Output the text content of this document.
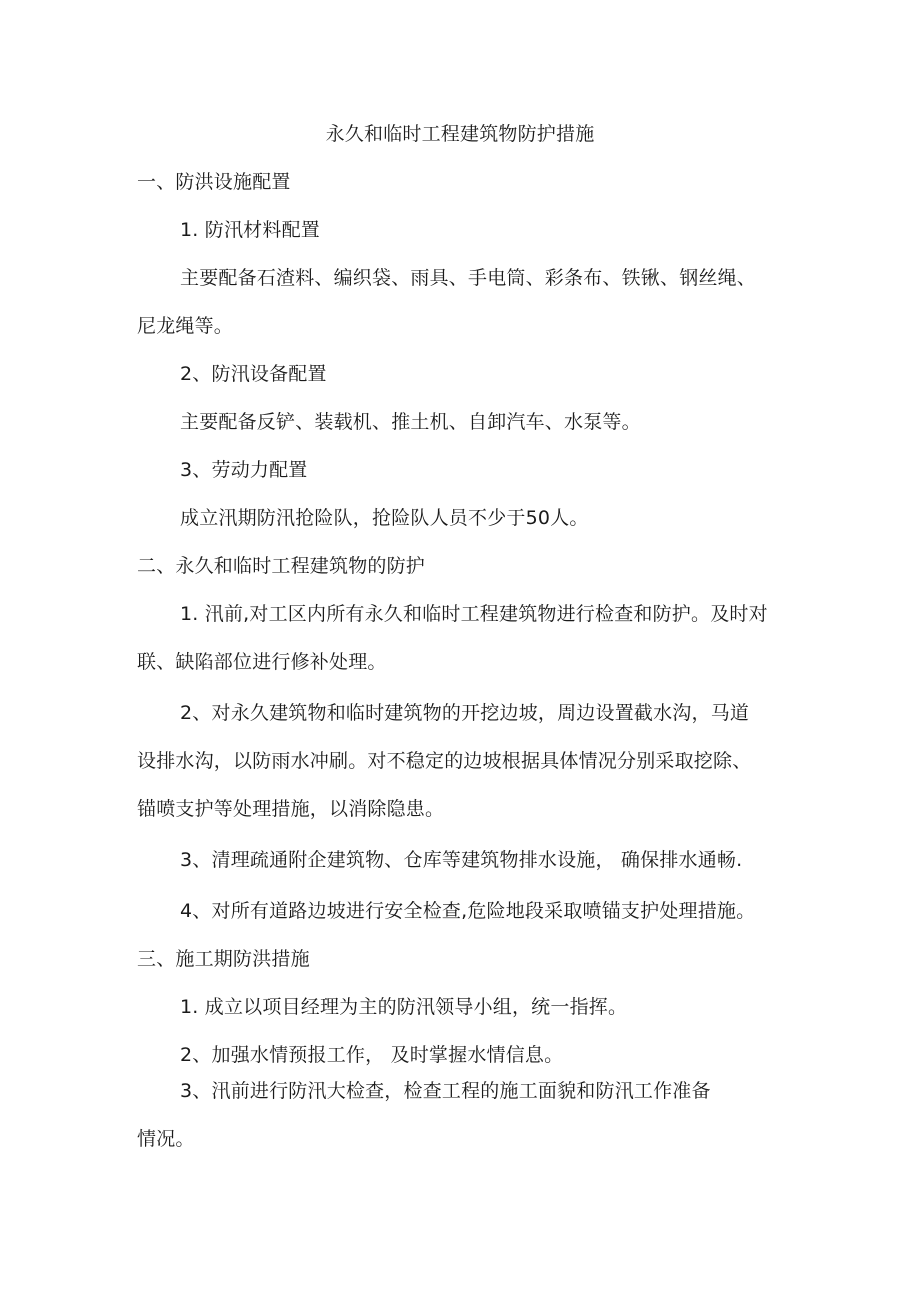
永久和临时工程建筑物防护措施

一、防洪设施配置

1. 防汛材料配置

主要配备石渣料、编织袋、雨具、手电筒、彩条布、铁锹、钢丝绳、

尼龙绳等。

2、防汛设备配置

主要配备反铲、装载机、推土机、自卸汽车、水泵等。

3、劳动力配置

成立汛期防汛抢险队，抢险队人员不少于50人。

二、永久和临时工程建筑物的防护

1. 汛前,对工区内所有永久和临时工程建筑物进行检查和防护。及时对

联、缺陷部位进行修补处理。

2、对永久建筑物和临时建筑物的开挖边坡，周边设置截水沟，马道

设排水沟，以防雨水冲刷。对不稳定的边坡根据具体情况分别采取挖除、

锚喷支护等处理措施，以消除隐患。

3、清理疏通附企建筑物、仓库等建筑物排水设施， 确保排水通畅.

4、对所有道路边坡进行安全检查,危险地段采取喷锚支护处理措施。

三、施工期防洪措施

1. 成立以项目经理为主的防汛领导小组，统一指挥。

2、加强水情预报工作， 及时掌握水情信息。

3、汛前进行防汛大检查，检查工程的施工面貌和防汛工作准备

情况。
